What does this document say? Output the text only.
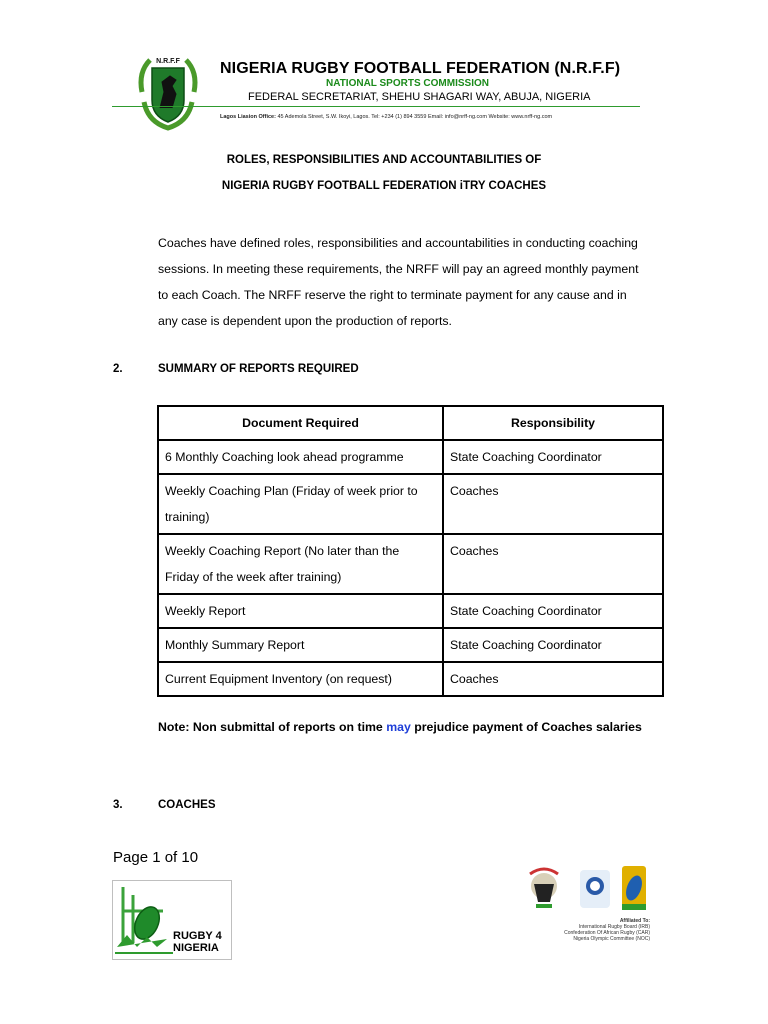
N.R.F.F	NIGERIA RUGBY FOOTBALL FEDERATION (N.R.F.F)
NATIONAL SPORTS COMMISSION
FEDERAL SECRETARIAT, SHEHU SHAGARI WAY, ABUJA, NIGERIA
Lagos Liasion Office: 45 Ademola Street, S.W. Ikoyi, Lagos. Tel: +234 (1) 894 3559 Email: info@nrff-ng.com Website: www.nrff-ng.com
ROLES, RESPONSIBILITIES AND ACCOUNTABILITIES OF
NIGERIA RUGBY FOOTBALL FEDERATION iTRY COACHES
Coaches have defined roles, responsibilities and accountabilities in conducting coaching
sessions. In meeting these requirements, the NRFF will pay an agreed monthly payment
to each Coach. The NRFF reserve the right to terminate payment for any cause and in
any case is dependent upon the production of reports.
2.	SUMMARY OF REPORTS REQUIRED
Document Required	Responsibility
6 Monthly Coaching look ahead programme	State Coaching Coordinator
Weekly Coaching Plan (Friday of week prior to training)	Coaches
Weekly Coaching Report (No later than the Friday of the week after training)	Coaches
Weekly Report	State Coaching Coordinator
Monthly Summary Report	State Coaching Coordinator
Current Equipment Inventory (on request)	Coaches
Note: Non submittal of reports on time may prejudice payment of Coaches salaries
3.	COACHES
Page 1 of 10
RUGBY 4
NIGERIA
Affiliated To:
International Rugby Board (IRB)
Confederation Of African Rugby (CAR)
Nigeria Olympic Committee (NOC)
